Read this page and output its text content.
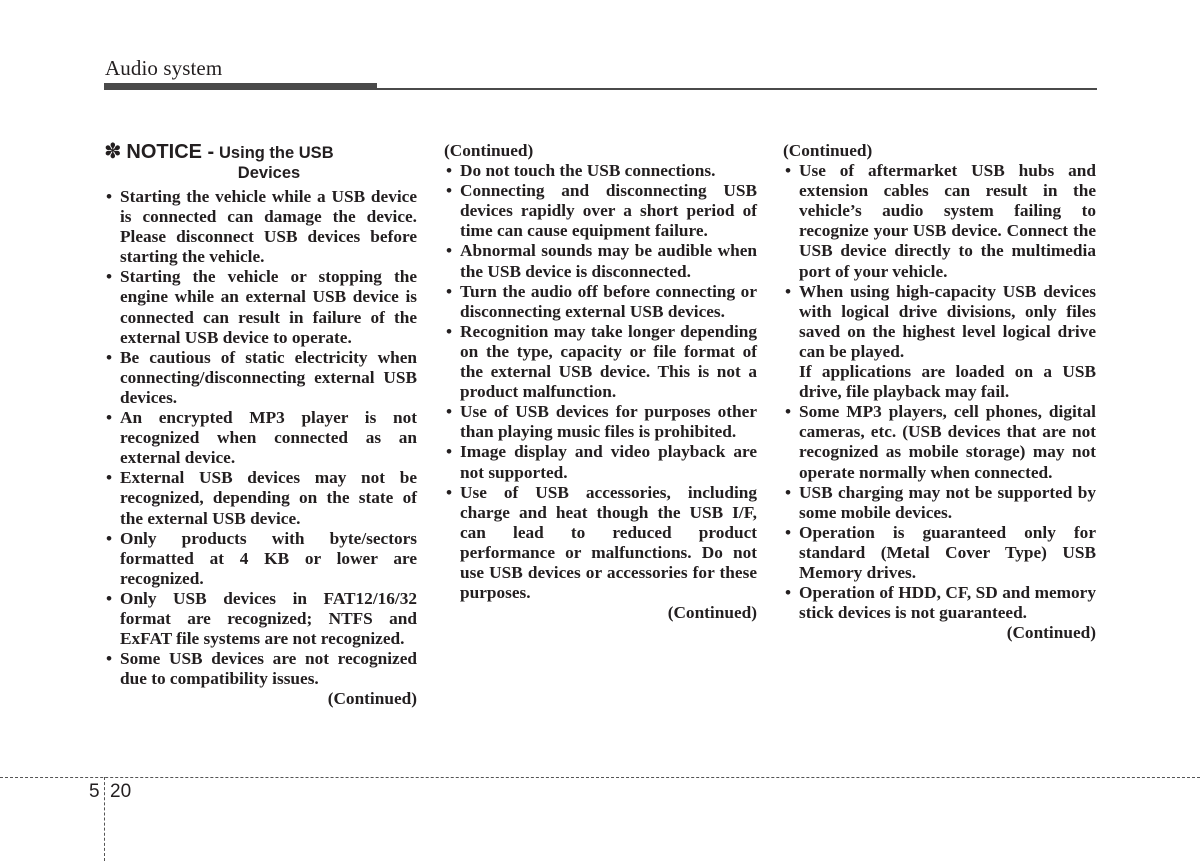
Audio system
✽ NOTICE - Using the USB
Devices
• Starting the vehicle while a USB device is connected can damage the device. Please disconnect USB devices before starting the vehicle.
• Starting the vehicle or stopping the engine while an external USB device is connected can result in failure of the external USB device to operate.
• Be cautious of static electricity when connecting/disconnecting external USB devices.
• An encrypted MP3 player is not recognized when connected as an external device.
• External USB devices may not be recognized, depending on the state of the external USB device.
• Only products with byte/sectors formatted at 4 KB or lower are recognized.
• Only USB devices in FAT12/16/32 format are recognized; NTFS and ExFAT file systems are not recognized.
• Some USB devices are not recognized due to compatibility issues.
(Continued)
(Continued)
• Do not touch the USB connections.
• Connecting and disconnecting USB devices rapidly over a short period of time can cause equipment failure.
• Abnormal sounds may be audible when the USB device is disconnected.
• Turn the audio off before connecting or disconnecting external USB devices.
• Recognition may take longer depending on the type, capacity or file format of the external USB device. This is not a product malfunction.
• Use of USB devices for purposes other than playing music files is prohibited.
• Image display and video playback are not supported.
• Use of USB accessories, including charge and heat though the USB I/F, can lead to reduced product performance or malfunctions. Do not use USB devices or accessories for these purposes.
(Continued)
(Continued)
• Use of aftermarket USB hubs and extension cables can result in the vehicle’s audio system failing to recognize your USB device. Connect the USB device directly to the multimedia port of your vehicle.
• When using high-capacity USB devices with logical drive divisions, only files saved on the highest level logical drive can be played.
If applications are loaded on a USB drive, file playback may fail.
• Some MP3 players, cell phones, digital cameras, etc. (USB devices that are not recognized as mobile storage) may not operate normally when connected.
• USB charging may not be supported by some mobile devices.
• Operation is guaranteed only for standard (Metal Cover Type) USB Memory drives.
• Operation of HDD, CF, SD and memory stick devices is not guaranteed.
(Continued)
5 20
